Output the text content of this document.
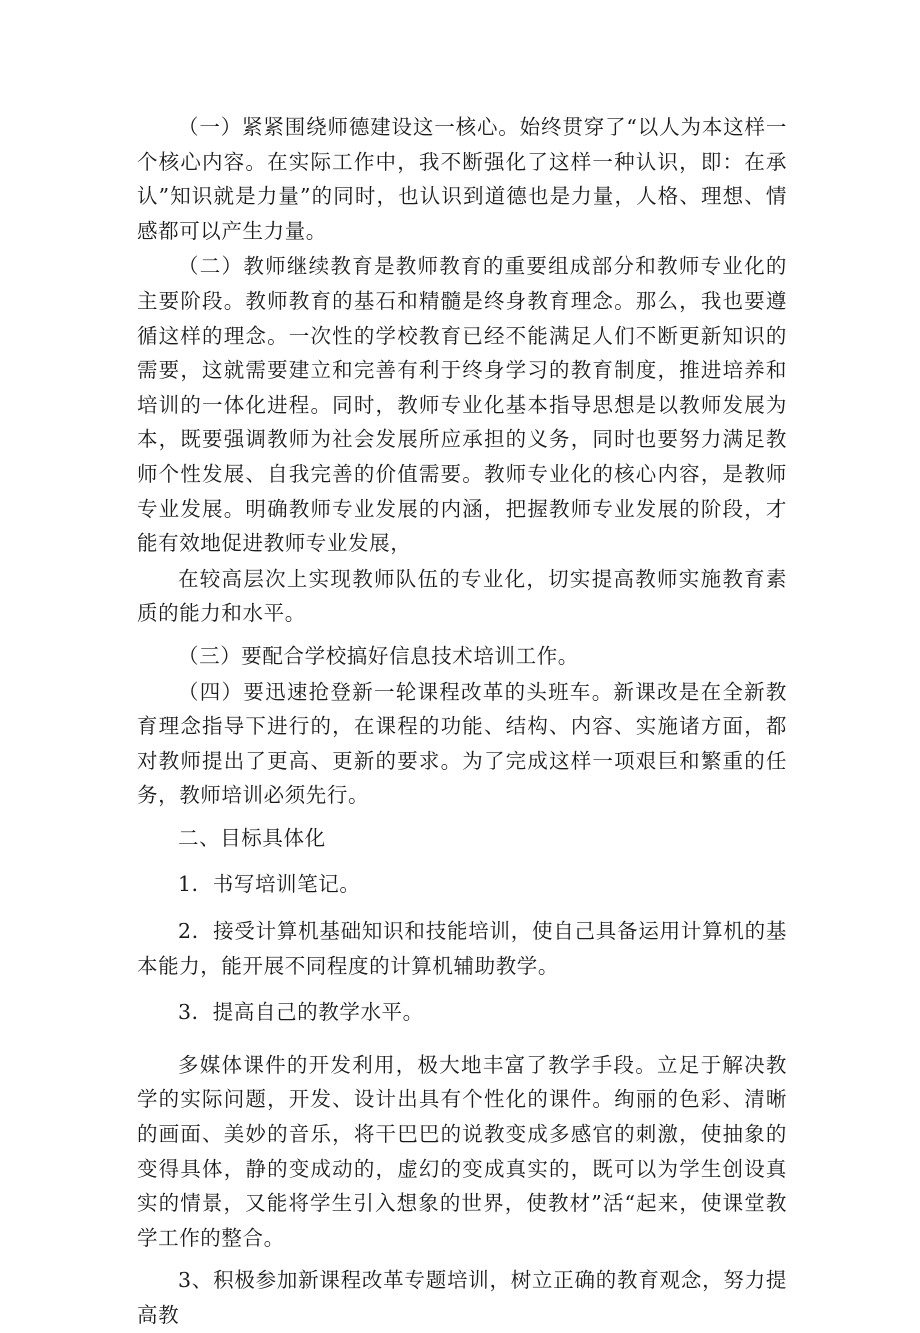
（一）紧紧围绕师德建设这一核心。始终贯穿了“以人为本这样一个核心内容。在实际工作中，我不断强化了这样一种认识，即：在承认”知识就是力量”的同时，也认识到道德也是力量，人格、理想、情感都可以产生力量。

（二）教师继续教育是教师教育的重要组成部分和教师专业化的主要阶段。教师教育的基石和精髓是终身教育理念。那么，我也要遵循这样的理念。一次性的学校教育已经不能满足人们不断更新知识的需要，这就需要建立和完善有利于终身学习的教育制度，推进培养和培训的一体化进程。同时，教师专业化基本指导思想是以教师发展为本，既要强调教师为社会发展所应承担的义务，同时也要努力满足教师个性发展、自我完善的价值需要。教师专业化的核心内容，是教师专业发展。明确教师专业发展的内涵，把握教师专业发展的阶段，才能有效地促进教师专业发展，

在较高层次上实现教师队伍的专业化，切实提高教师实施教育素质的能力和水平。

（三）要配合学校搞好信息技术培训工作。

（四）要迅速抢登新一轮课程改革的头班车。新课改是在全新教育理念指导下进行的，在课程的功能、结构、内容、实施诸方面，都对教师提出了更高、更新的要求。为了完成这样一项艰巨和繁重的任务，教师培训必须先行。

二、目标具体化

1．书写培训笔记。

2．接受计算机基础知识和技能培训，使自己具备运用计算机的基本能力，能开展不同程度的计算机辅助教学。

3．提高自己的教学水平。

多媒体课件的开发利用，极大地丰富了教学手段。立足于解决教学的实际问题，开发、设计出具有个性化的课件。绚丽的色彩、清晰的画面、美妙的音乐，将干巴巴的说教变成多感官的刺激，使抽象的变得具体，静的变成动的，虚幻的变成真实的，既可以为学生创设真实的情景，又能将学生引入想象的世界，使教材”活“起来，使课堂教学工作的整合。

3、积极参加新课程改革专题培训，树立正确的教育观念，努力提高教
